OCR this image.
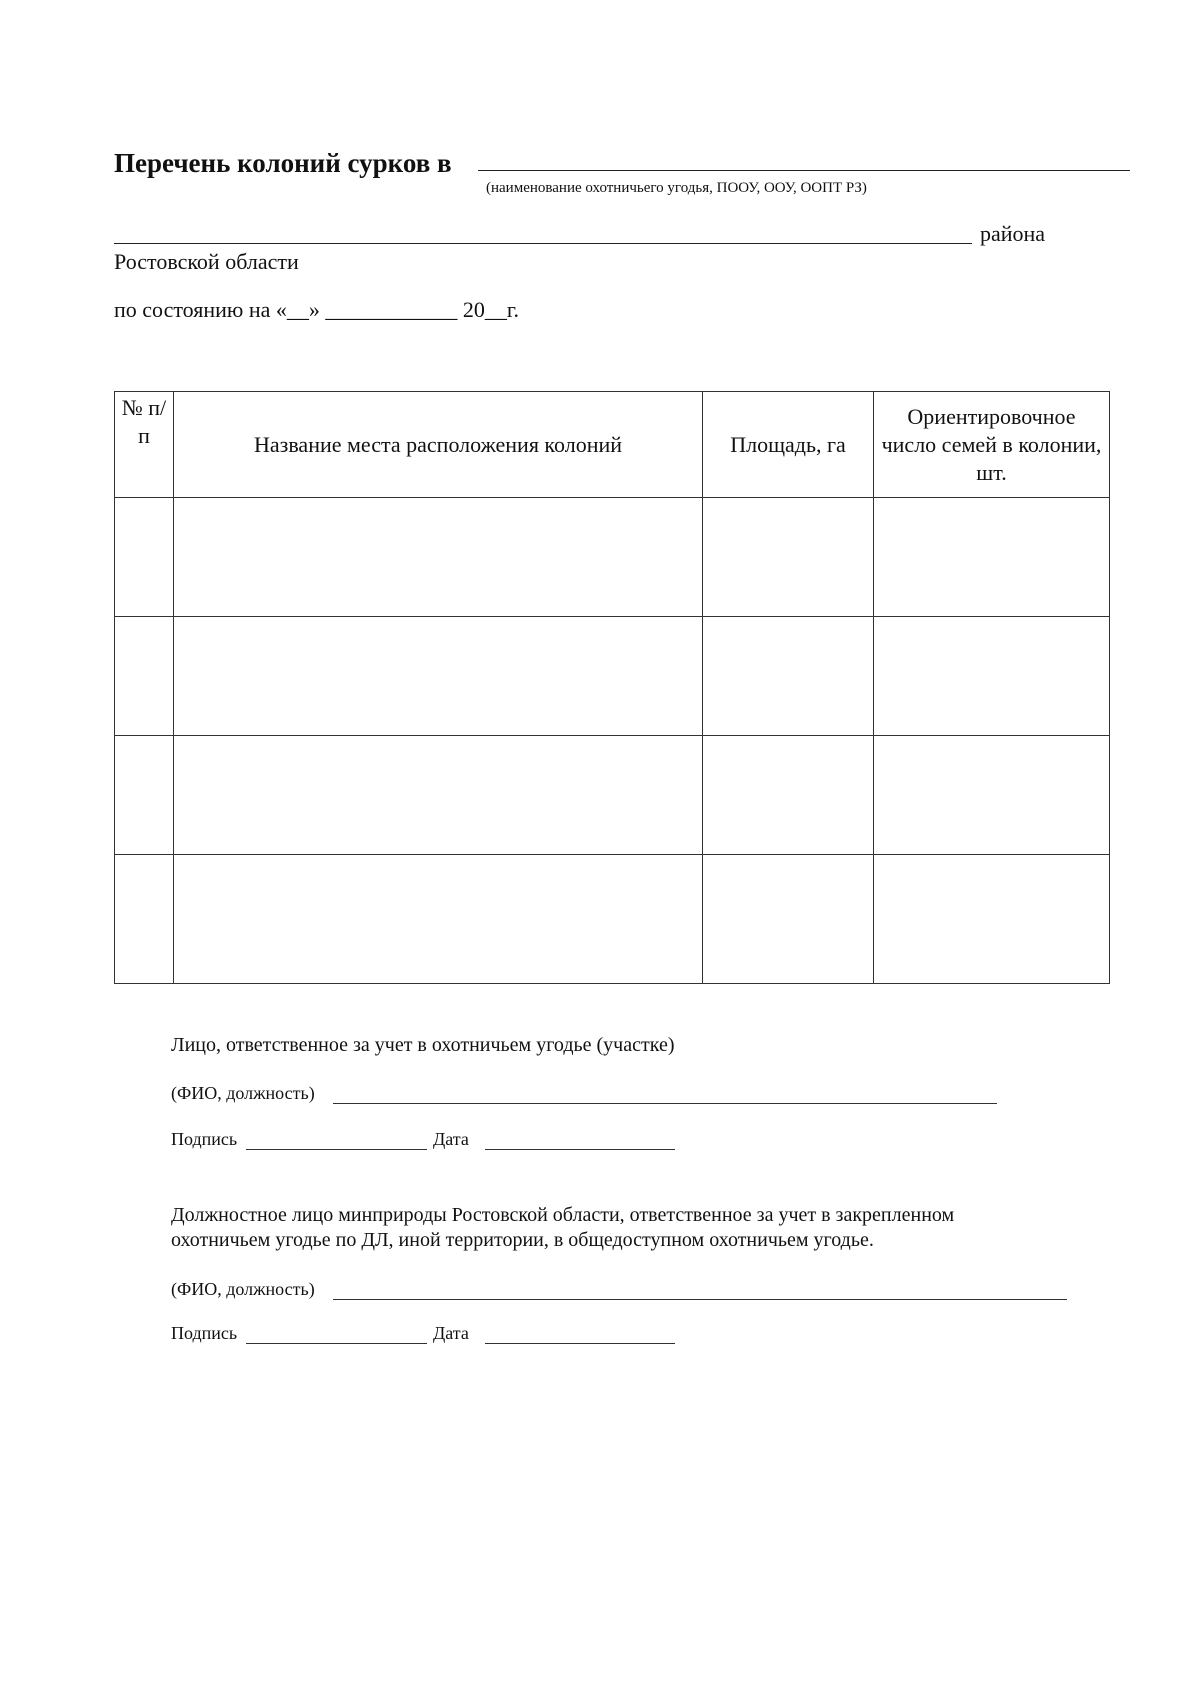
Перечень колоний сурков в
(наименование охотничьего угодья, ПООУ, ООУ, ООПТ РЗ)
района
Ростовской области
по состоянию на «__» ____________ 20__г.
№ п/п	Название места расположения колоний	Площадь, га	Ориентировочное число семей в колонии, шт.

Лицо, ответственное за учет в охотничьем угодье (участке)
(ФИО, должность)
Подпись	Дата
Должностное лицо минприроды Ростовской области, ответственное за учет в закрепленном
охотничьем угодье по ДЛ, иной территории, в общедоступном охотничьем угодье.
(ФИО, должность)
Подпись	Дата
